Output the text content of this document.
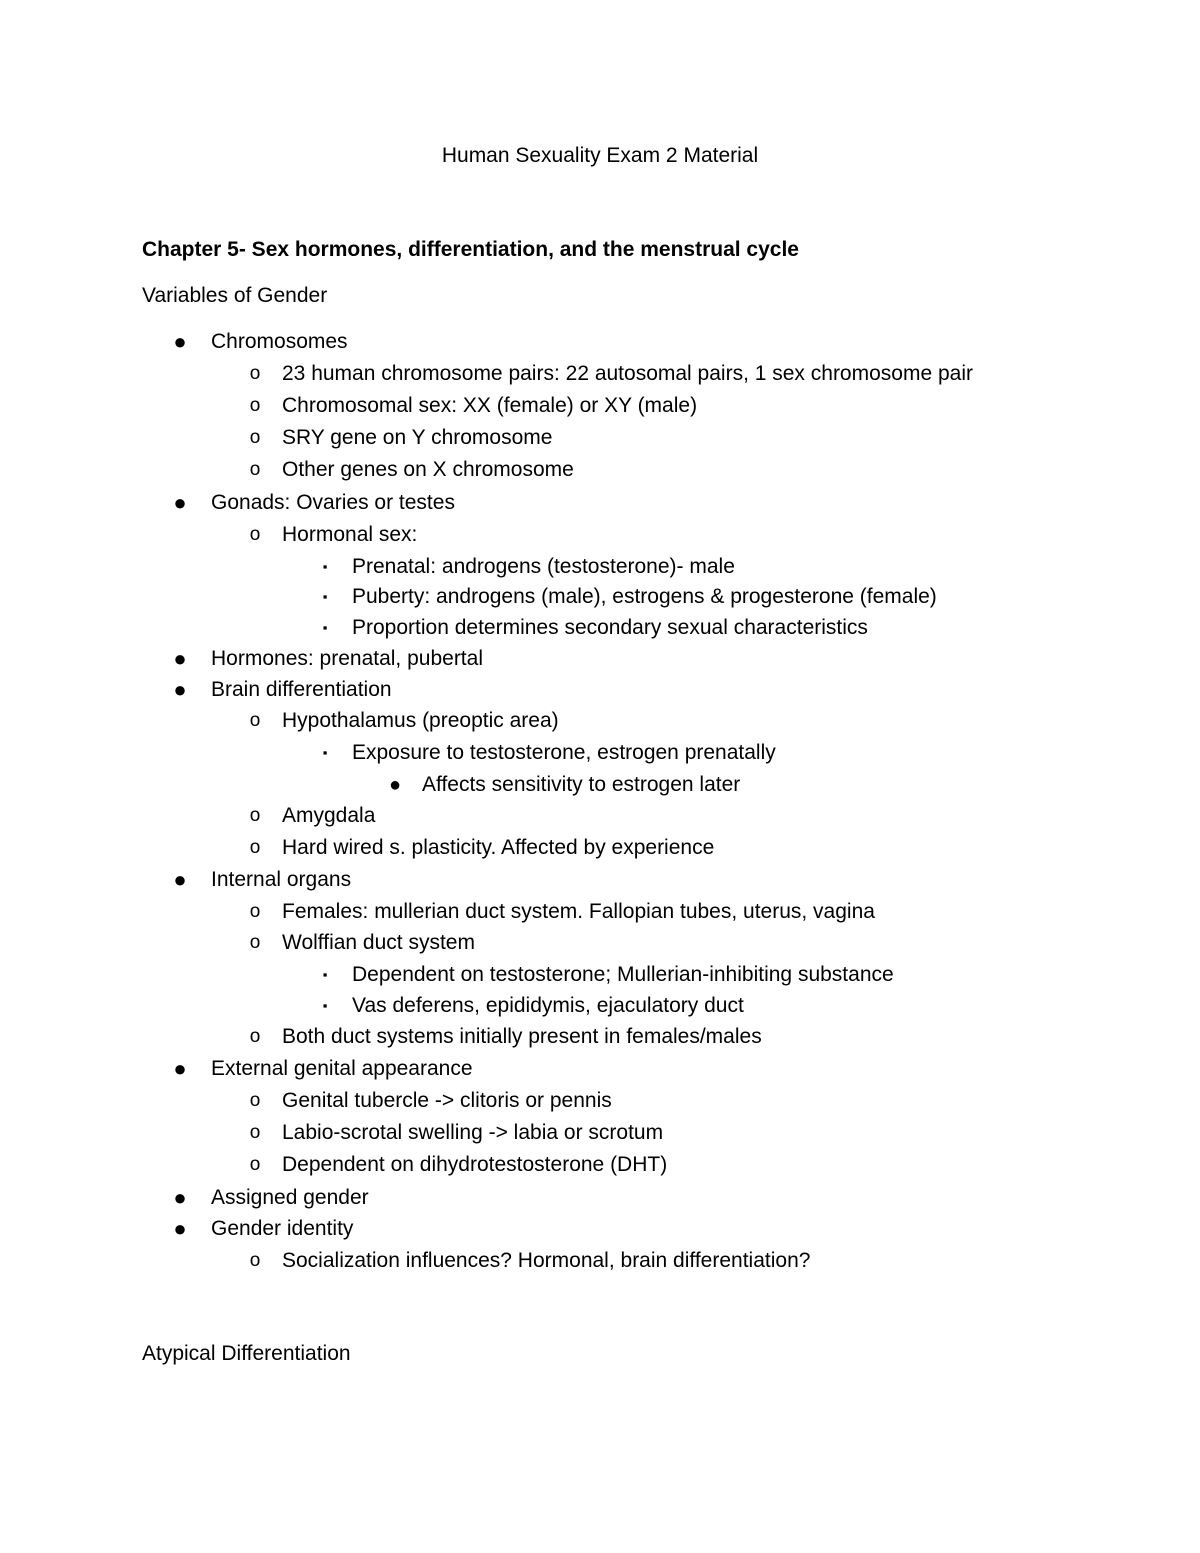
Human Sexuality Exam 2 Material
Chapter 5- Sex hormones, differentiation, and the menstrual cycle
Variables of Gender
● Chromosomes
o 23 human chromosome pairs: 22 autosomal pairs, 1 sex chromosome pair
o Chromosomal sex: XX (female) or XY (male)
o SRY gene on Y chromosome
o Other genes on X chromosome
● Gonads: Ovaries or testes
o Hormonal sex:
▪	Prenatal: androgens (testosterone)- male
▪	Puberty: androgens (male), estrogens & progesterone (female)
▪	Proportion determines secondary sexual characteristics
● Hormones: prenatal, pubertal
● Brain differentiation
o Hypothalamus (preoptic area)
▪	Exposure to testosterone, estrogen prenatally
● Affects sensitivity to estrogen later
o Amygdala
o Hard wired s. plasticity. Affected by experience
● Internal organs
o Females: mullerian duct system. Fallopian tubes, uterus, vagina
o Wolffian duct system
▪	Dependent on testosterone; Mullerian-inhibiting substance
▪	Vas deferens, epididymis, ejaculatory duct
o Both duct systems initially present in females/males
● External genital appearance
o Genital tubercle -> clitoris or pennis
o Labio-scrotal swelling -> labia or scrotum
o Dependent on dihydrotestosterone (DHT)
● Assigned gender
● Gender identity
o Socialization influences? Hormonal, brain differentiation?
Atypical Differentiation
